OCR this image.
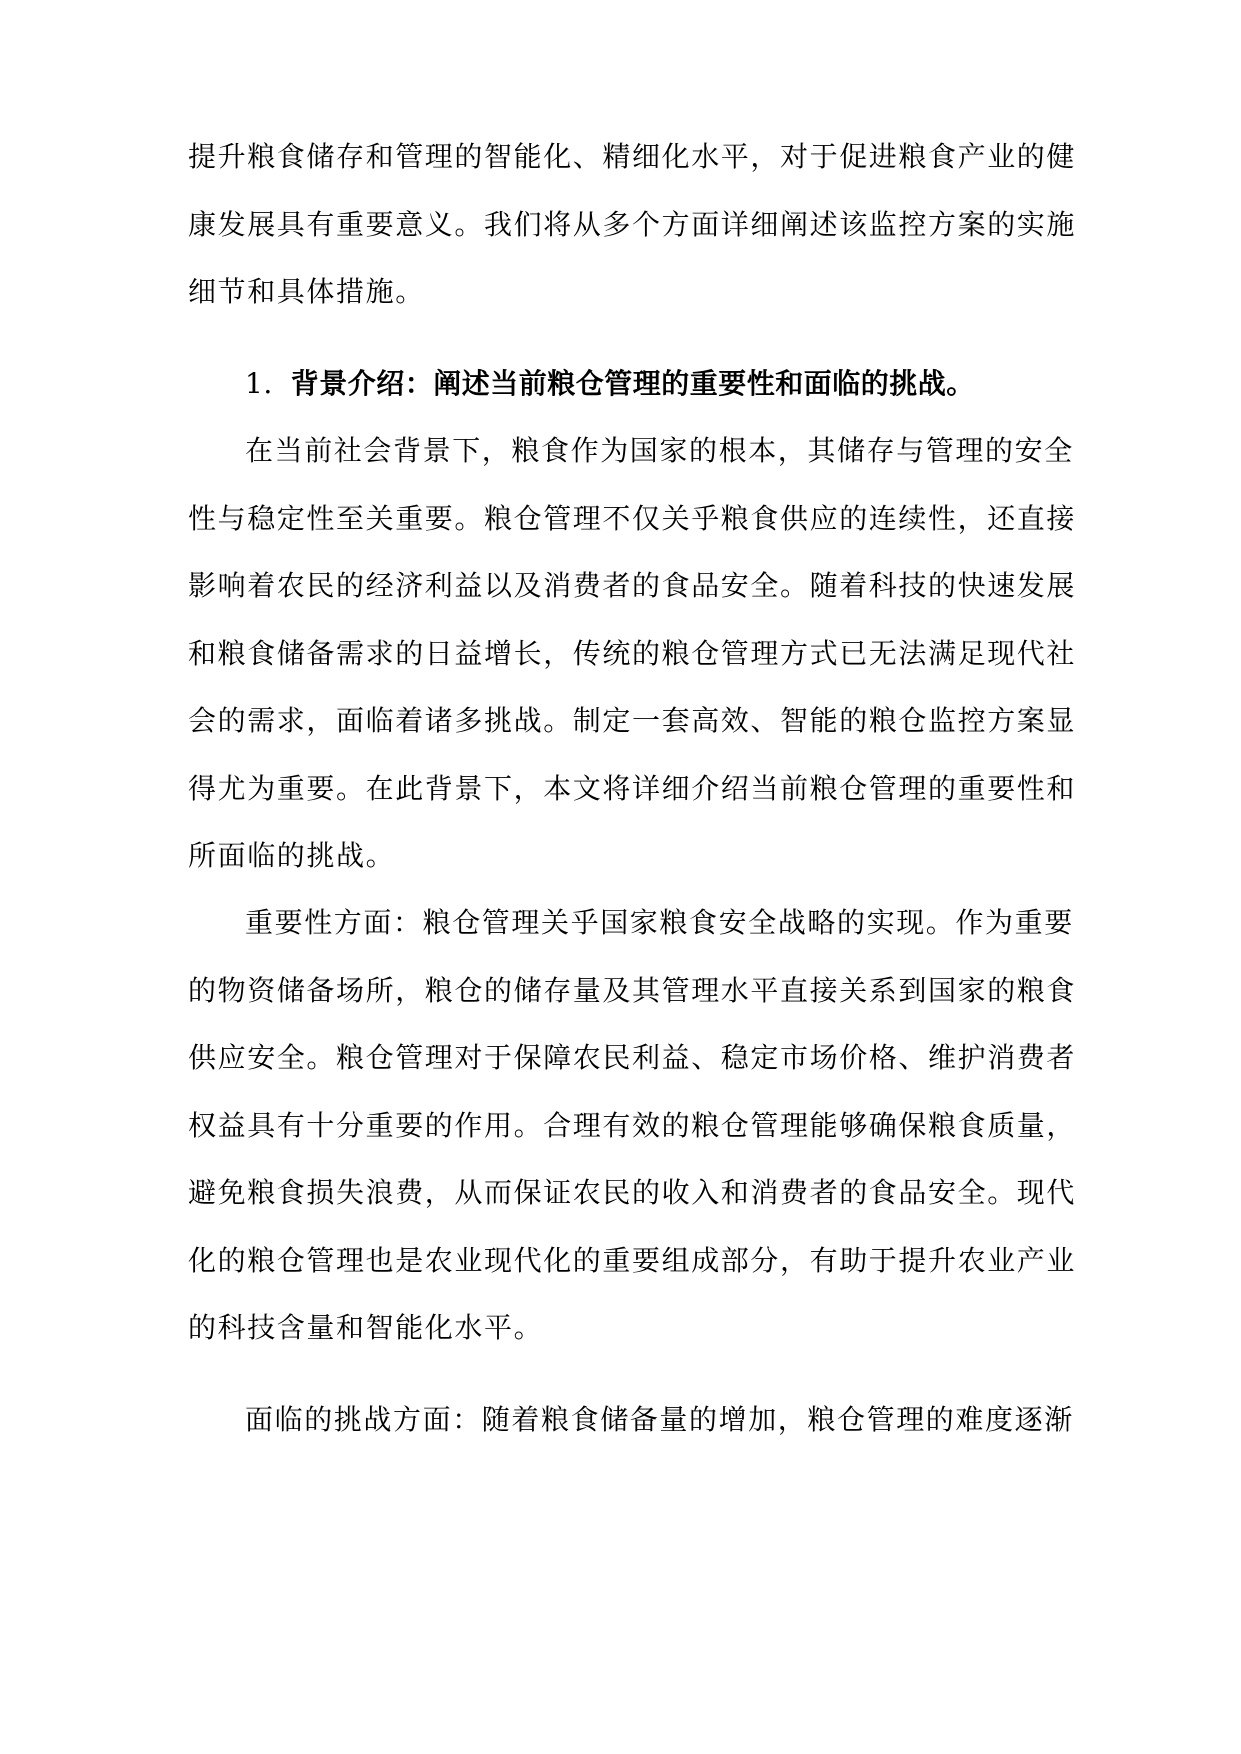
提升粮食储存和管理的智能化、精细化水平，对于促进粮食产业的健
康发展具有重要意义。我们将从多个方面详细阐述该监控方案的实施
细节和具体措施。
1. 背景介绍：阐述当前粮仓管理的重要性和面临的挑战。
在当前社会背景下，粮食作为国家的根本，其储存与管理的安全
性与稳定性至关重要。粮仓管理不仅关乎粮食供应的连续性，还直接
影响着农民的经济利益以及消费者的食品安全。随着科技的快速发展
和粮食储备需求的日益增长，传统的粮仓管理方式已无法满足现代社
会的需求，面临着诸多挑战。制定一套高效、智能的粮仓监控方案显
得尤为重要。在此背景下，本文将详细介绍当前粮仓管理的重要性和
所面临的挑战。
重要性方面：粮仓管理关乎国家粮食安全战略的实现。作为重要
的物资储备场所，粮仓的储存量及其管理水平直接关系到国家的粮食
供应安全。粮仓管理对于保障农民利益、稳定市场价格、维护消费者
权益具有十分重要的作用。合理有效的粮仓管理能够确保粮食质量，
避免粮食损失浪费，从而保证农民的收入和消费者的食品安全。现代
化的粮仓管理也是农业现代化的重要组成部分，有助于提升农业产业
的科技含量和智能化水平。
面临的挑战方面：随着粮食储备量的增加，粮仓管理的难度逐渐
